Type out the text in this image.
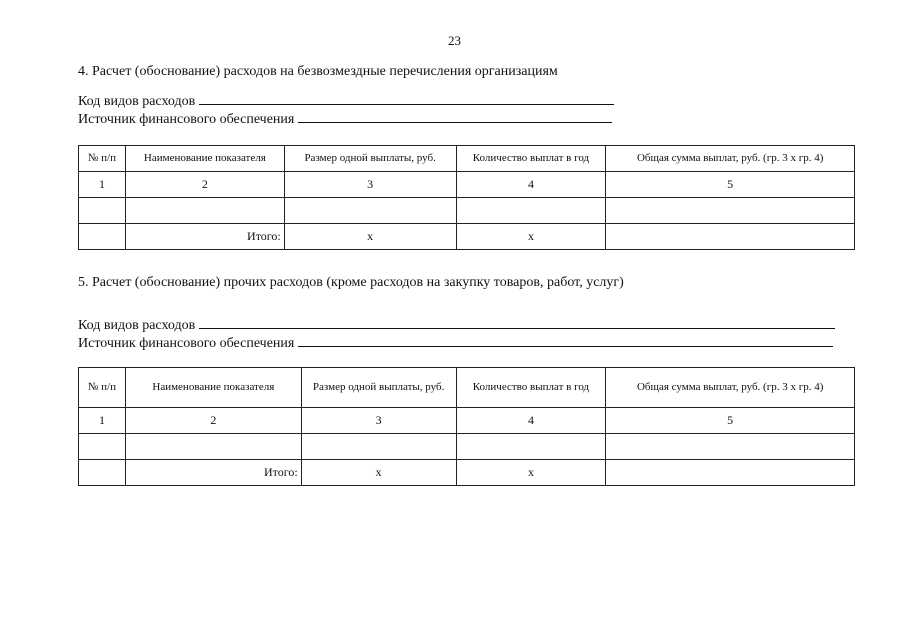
23
4. Расчет (обоснование) расходов на безвозмездные перечисления организациям
Код видов расходов
Источник финансового обеспечения
№ п/п	Наименование показателя	Размер одной выплаты, руб.	Количество выплат в год	Общая сумма выплат, руб. (гр. 3 х гр. 4)
1	2	3	4	5

	Итого:	х	х	
5. Расчет (обоснование) прочих расходов (кроме расходов на закупку товаров, работ, услуг)
Код видов расходов
Источник финансового обеспечения
№ п/п	Наименование показателя	Размер одной выплаты, руб.	Количество выплат в год	Общая сумма выплат, руб. (гр. 3 х гр. 4)
1	2	3	4	5

	Итого:	х	х	
